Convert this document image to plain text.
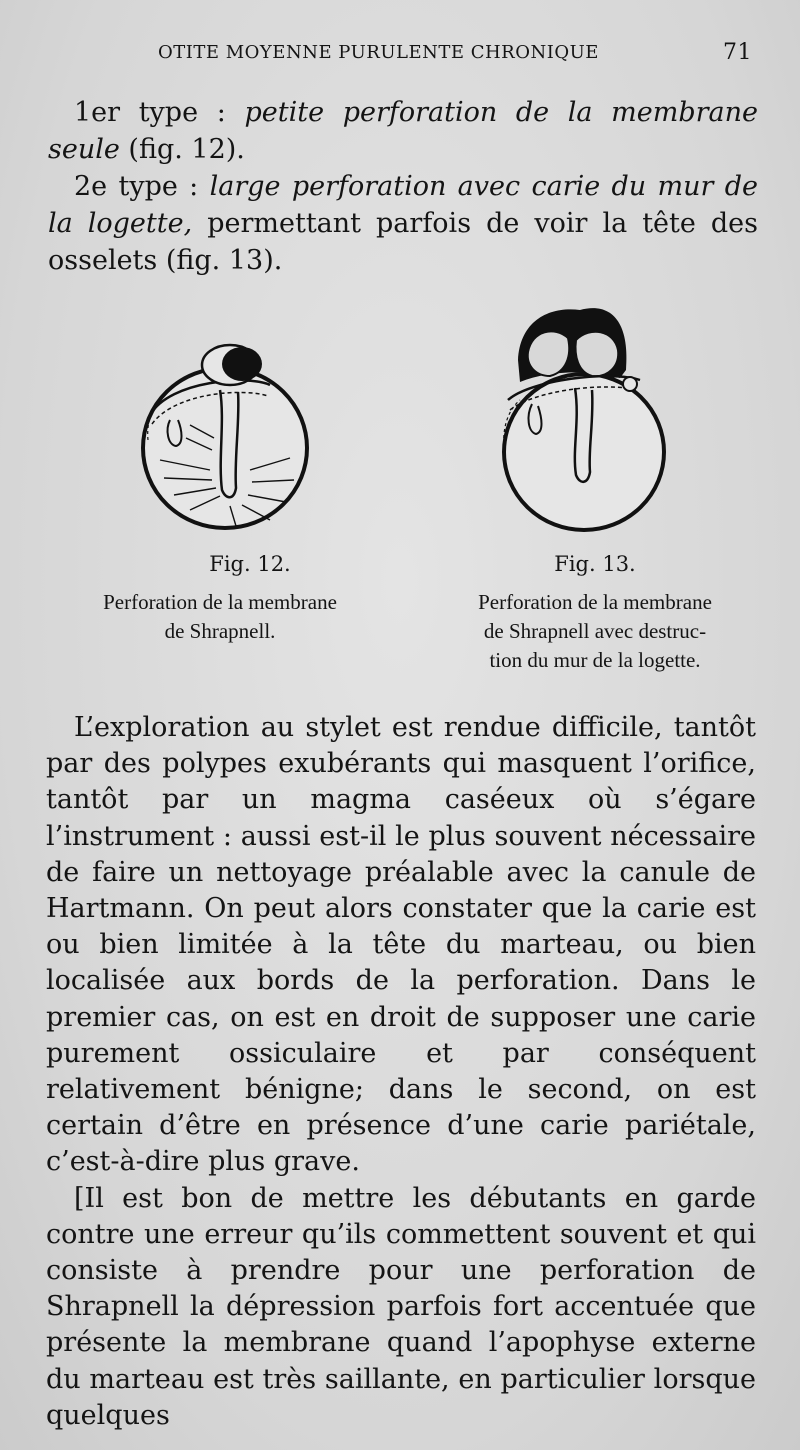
OTITE MOYENNE PURULENTE CHRONIQUE	71

1er type : petite perforation de la membrane seule (fig. 12).

2e type : large perforation avec carie du mur de la logette, permettant parfois de voir la tête des osselets (fig. 13).

Fig. 12.
Perforation de la membrane
de Shrapnell.
Fig. 13.
Perforation de la membrane
de Shrapnell avec destruc-
tion du mur de la logette.

L’exploration au stylet est rendue difficile, tantôt par des polypes exubérants qui masquent l’orifice, tantôt par un magma caséeux où s’égare l’instrument : aussi est-il le plus souvent nécessaire de faire un nettoyage préalable avec la canule de Hartmann. On peut alors constater que la carie est ou bien limitée à la tête du marteau, ou bien localisée aux bords de la perforation. Dans le premier cas, on est en droit de supposer une carie purement ossiculaire et par conséquent relativement bénigne; dans le second, on est certain d’être en présence d’une carie pariétale, c’est-à-dire plus grave.

[Il est bon de mettre les débutants en garde contre une erreur qu’ils commettent souvent et qui consiste à prendre pour une perforation de Shrapnell la dépression parfois fort accentuée que présente la membrane quand l’apophyse externe du marteau est très saillante, en particulier lorsque quelques
